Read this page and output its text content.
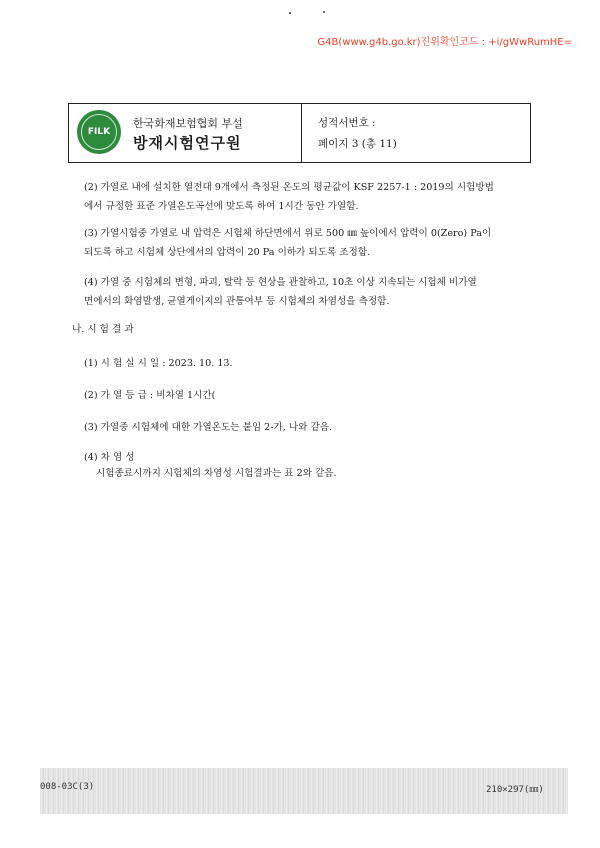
G4B(www.g4b.go.kr)진위확인코드 : +i/gWwRumHE=
FILK
한국화재보험협회 부설
방재시험연구원
성적서번호 :
페이지 3 (총 11)
(2) 가열로 내에 설치한 열전대 9개에서 측정된 온도의 평균값이 KSF 2257-1 : 2019의 시험방법
에서 규정한 표준 가열온도곡선에 맞도록 하여 1시간 동안 가열함.
(3) 가열시험중 가열로 내 압력은 시험체 하단면에서 위로 500 ㎜ 높이에서 압력이 0(Zero) Pa이
되도록 하고 시험체 상단에서의 압력이 20 Pa 이하가 되도록 조정함.
(4) 가열 중 시험체의 변형, 파괴, 탈락 등 현상을 관찰하고, 10초 이상 지속되는 시험체 비가열
면에서의 화염발생, 균열게이지의 관통여부 등 시험체의 차염성을 측정함.
나. 시 험 결 과
(1) 시 험 실 시 일 : 2023. 10. 13.
(2) 가 열 등 급 : 비차열 1시간(
(3) 가열중 시험체에 대한 가열온도는 붙임 2-가, 나와 같음.
(4) 차 염 성
시험종료시까지 시험체의 차염성 시험결과는 표 2와 같음.
008-03C(3)	210×297(㎜)
